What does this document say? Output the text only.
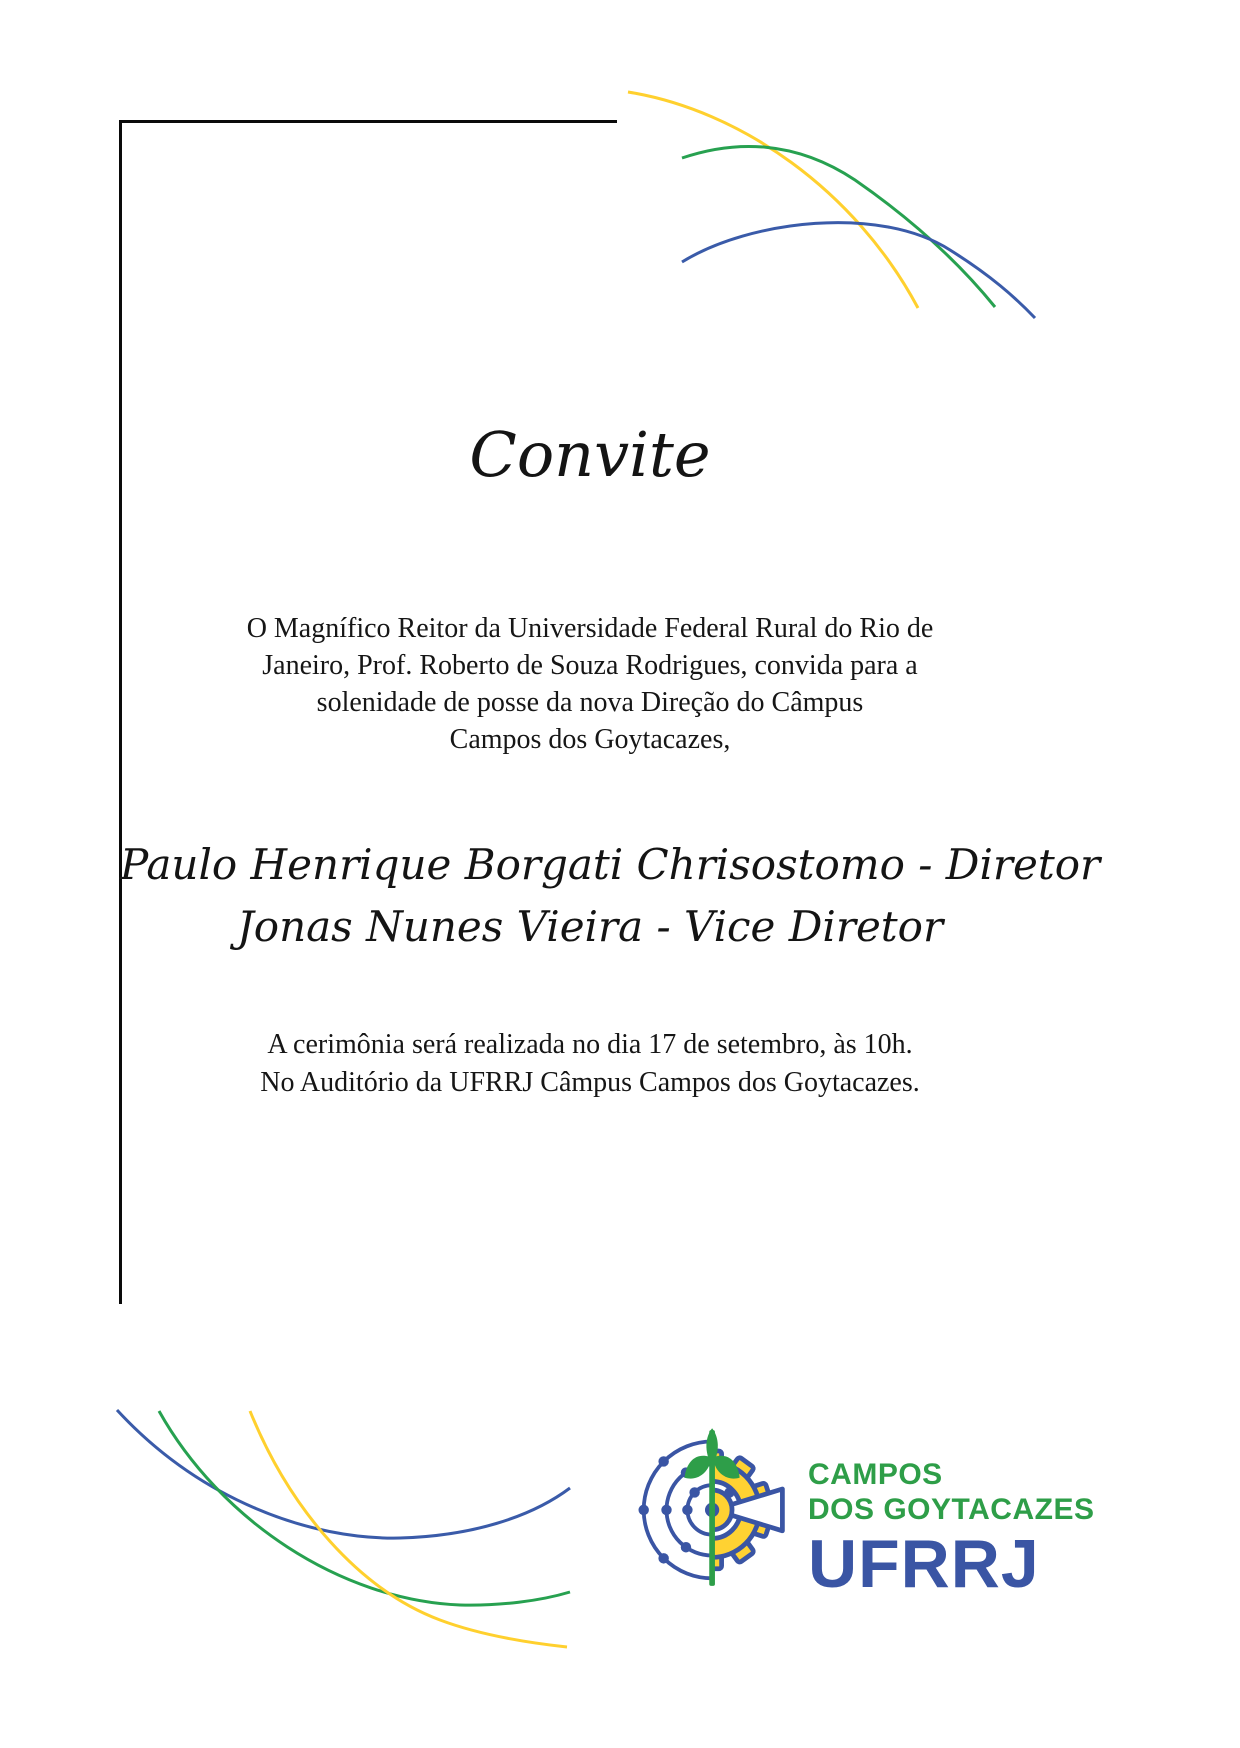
Convite
O Magnífico Reitor da Universidade Federal Rural do Rio de
Janeiro, Prof. Roberto de Souza Rodrigues, convida para a
solenidade de posse da nova Direção do Câmpus
Campos dos Goytacazes,
Paulo Henrique Borgati Chrisostomo - Diretor
Jonas Nunes Vieira - Vice Diretor
A cerimônia será realizada no dia 17 de setembro, às 10h.
No Auditório da UFRRJ Câmpus Campos dos Goytacazes.
CAMPOS
DOS GOYTACAZES
UFRRJ
